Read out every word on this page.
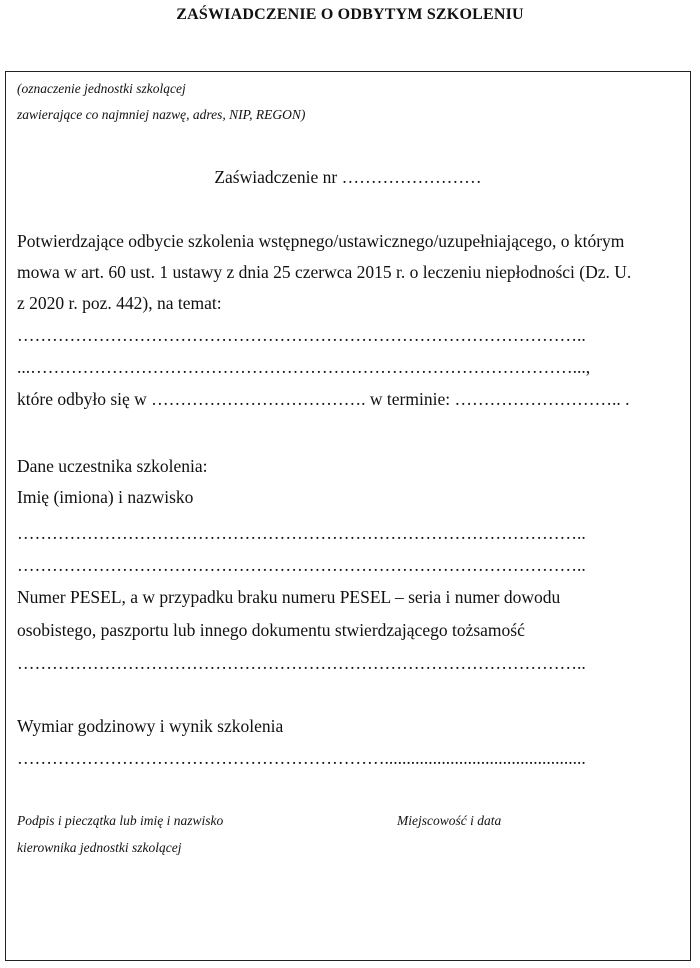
ZAŚWIADCZENIE O ODBYTYM SZKOLENIU
(oznaczenie jednostki szkolącej
zawierające co najmniej nazwę, adres, NIP, REGON)
Zaświadczenie nr ……………………
Potwierdzające odbycie szkolenia wstępnego/ustawicznego/uzupełniającego, o którym
mowa w art. 60 ust. 1 ustawy z dnia 25 czerwca 2015 r. o leczeniu niepłodności (Dz. U.
z 2020 r. poz. 442), na temat:
……………………………………………………………………………………..
...…………………………………………………………………………………...,
które odbyło się w ………………………………. w terminie: ……………………….. .
Dane uczestnika szkolenia:
Imię (imiona) i nazwisko
……………………………………………………………………………………..
……………………………………………………………………………………..
Numer PESEL, a w przypadku braku numeru PESEL – seria i numer dowodu
osobistego, paszportu lub innego dokumentu stwierdzającego tożsamość
……………………………………………………………………………………..
Wymiar godzinowy i wynik szkolenia
………………………………………………………..............................................
Podpis i pieczątka lub imię i nazwisko	Miejscowość i data
kierownika jednostki szkolącej
